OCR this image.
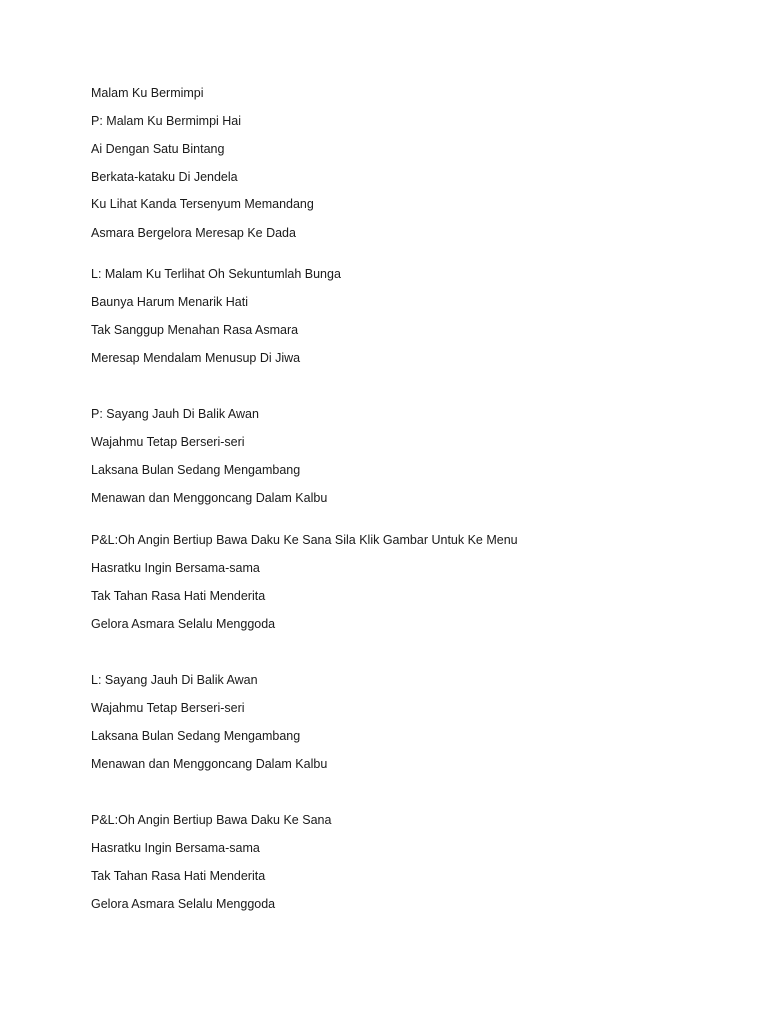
Malam Ku Bermimpi

P: Malam Ku Bermimpi Hai

Ai Dengan Satu Bintang

Berkata-kataku Di Jendela

Ku Lihat Kanda Tersenyum Memandang

Asmara Bergelora Meresap Ke Dada

L: Malam Ku Terlihat Oh Sekuntumlah Bunga

Baunya Harum Menarik Hati

Tak Sanggup Menahan Rasa Asmara

Meresap Mendalam Menusup Di Jiwa

P: Sayang Jauh Di Balik Awan

Wajahmu Tetap Berseri-seri

Laksana Bulan Sedang Mengambang

Menawan dan Menggoncang Dalam Kalbu

P&L:Oh Angin Bertiup Bawa Daku Ke Sana Sila Klik Gambar Untuk Ke Menu

Hasratku Ingin Bersama-sama

Tak Tahan Rasa Hati Menderita

Gelora Asmara Selalu Menggoda

L: Sayang Jauh Di Balik Awan

Wajahmu Tetap Berseri-seri

Laksana Bulan Sedang Mengambang

Menawan dan Menggoncang Dalam Kalbu

P&L:Oh Angin Bertiup Bawa Daku Ke Sana

Hasratku Ingin Bersama-sama

Tak Tahan Rasa Hati Menderita

Gelora Asmara Selalu Menggoda
